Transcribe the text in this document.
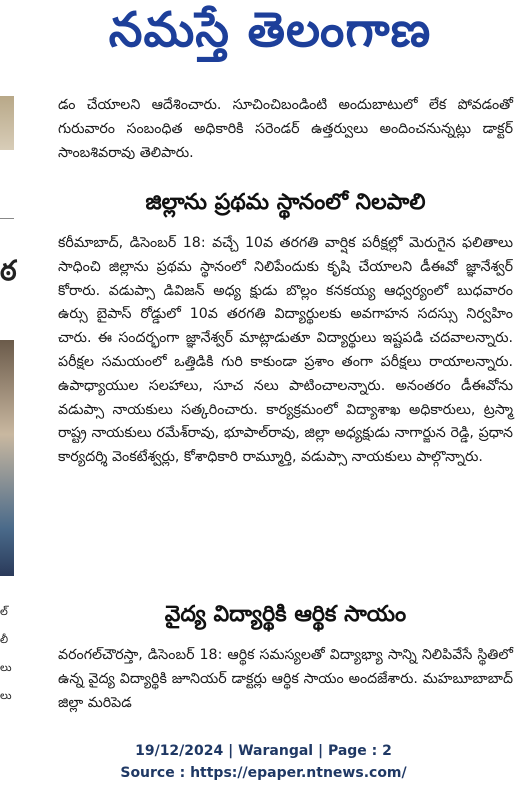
నమస్తే తెలంగాణ
ఠ
ల్
లీ
లు
లు

డం చేయాలని ఆదేశించారు. సూచించిబండింటి అందుబాటులో లేక పోవడంతో గురువారం సంబంధిత అధికారికి సరెండర్ ఉత్తర్వులు అందించనున్నట్లు డాక్టర్ సాంబశివరావు తెలిపారు.

జిల్లాను ప్రథమ స్థానంలో నిలపాలి

కరీమాబాద్, డిసెంబర్ 18: వచ్చే 10వ తరగతి వార్షిక పరీక్షల్లో మెరుగైన ఫలితాలు సాధించి జిల్లాను ప్రథమ స్థానంలో నిలిపేందుకు కృషి చేయాలని డీఈవో జ్ఞానేశ్వర్ కోరారు. వడుప్సా డివిజన్ అధ్య క్షుడు బొల్లం కనకయ్య ఆధ్వర్యంలో బుధవారం ఉర్సు బైపాస్ రోడ్డులో 10వ తరగతి విద్యార్థులకు అవగాహన సదస్సు నిర్వహిం చారు. ఈ సందర్భంగా జ్ఞానేశ్వర్ మాట్లాడుతూ విద్యార్థులు ఇష్టపడి చదవాలన్నారు. పరీక్షల సమయంలో ఒత్తిడికి గురి కాకుండా ప్రశాం తంగా పరీక్షలు రాయాలన్నారు. ఉపాధ్యాయుల సలహాలు, సూచ నలు పాటించాలన్నారు. అనంతరం డీఈవోను వడుప్సా నాయకులు సత్కరించారు. కార్యక్రమంలో విద్యాశాఖ అధికారులు, ట్రస్మా రాష్ట్ర నాయకులు రమేశ్‌రావు, భూపాల్‌రావు, జిల్లా అధ్యక్షుడు నాగార్జున రెడ్డి, ప్రధాన కార్యదర్శి వెంకటేశ్వర్లు, కోశాధికారి రామ్మూర్తి, వడుప్సా నాయకులు పాల్గొన్నారు.

వైద్య విద్యార్థికి ఆర్థిక సాయం

వరంగల్‌చౌరస్తా, డిసెంబర్ 18: ఆర్థిక సమస్యలతో విద్యాభ్యా సాన్ని నిలిపివేసే స్థితిలో ఉన్న వైద్య విద్యార్థికి జూనియర్ డాక్టర్లు ఆర్థిక సాయం అందజేశారు. మహబూబాబాద్ జిల్లా మరిపెడ

19/12/2024 | Warangal | Page : 2
Source : https://epaper.ntnews.com/
